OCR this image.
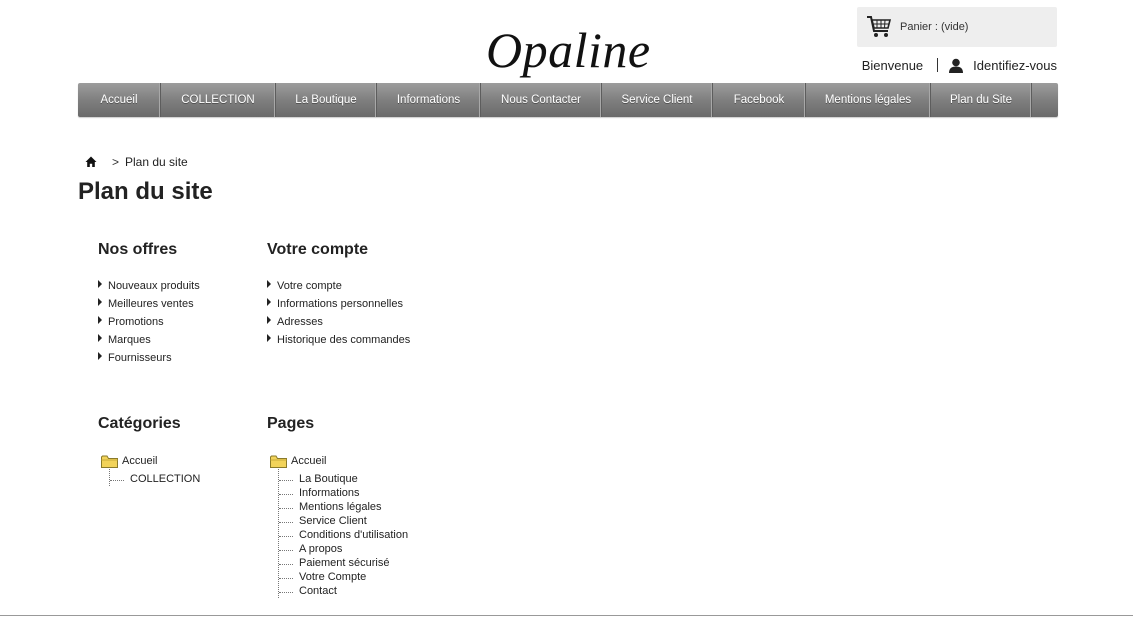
Opaline	Panier : (vide)
Bienvenue	Identifiez-vous
Accueil	COLLECTION	La Boutique	Informations	Nous Contacter	Service Client	Facebook	Mentions légales	Plan du Site
> Plan du site
Plan du site
Nos offres
Nouveaux produits
Meilleures ventes
Promotions
Marques
Fournisseurs
Votre compte
Votre compte
Informations personnelles
Adresses
Historique des commandes
Catégories
Accueil
COLLECTION
Pages
Accueil
La Boutique
Informations
Mentions légales
Service Client
Conditions d'utilisation
A propos
Paiement sécurisé
Votre Compte
Contact
